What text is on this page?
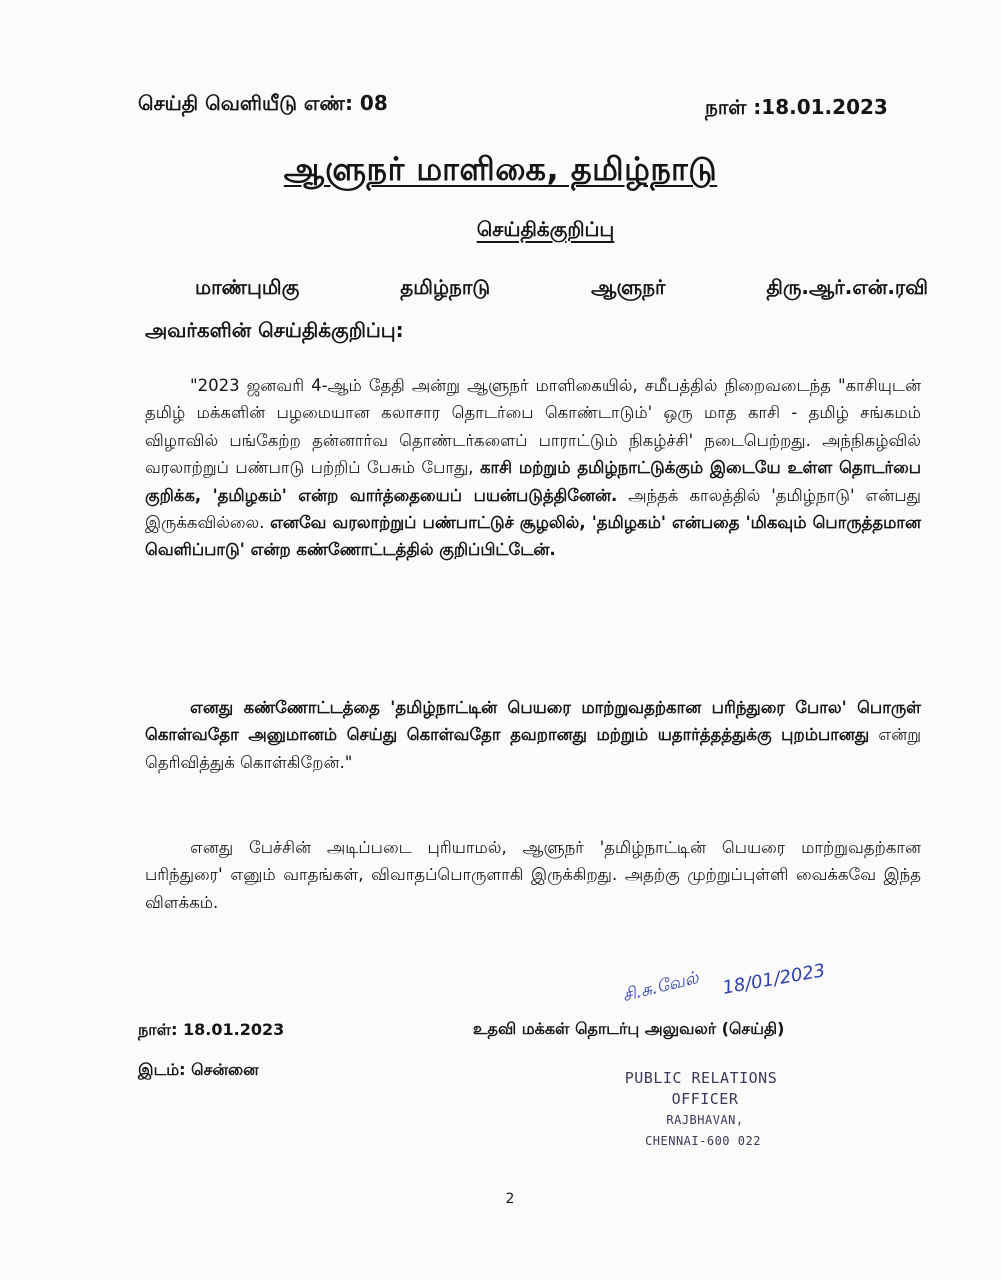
செய்தி வெளியீடு எண்: 08	நாள் :18.01.2023
ஆளுநர் மாளிகை, தமிழ்நாடு
செய்திக்குறிப்பு
மாண்புமிகு	தமிழ்நாடு	ஆளுநர்	திரு.ஆர்.என்.ரவி
அவர்களின் செய்திக்குறிப்பு:

"2023 ஜனவரி 4-ஆம் தேதி அன்று ஆளுநர் மாளிகையில், சமீபத்தில் நிறைவடைந்த "காசியுடன் தமிழ் மக்களின் பழமையான கலாசார தொடர்பை கொண்டாடும்' ஒரு மாத காசி - தமிழ் சங்கமம் விழாவில் பங்கேற்ற தன்னார்வ தொண்டர்களைப் பாராட்டும் நிகழ்ச்சி' நடைபெற்றது. அந்நிகழ்வில் வரலாற்றுப் பண்பாடு பற்றிப் பேசும் போது, காசி மற்றும் தமிழ்நாட்டுக்கும் இடையே உள்ள தொடர்பை குறிக்க, 'தமிழகம்' என்ற வார்த்தையைப் பயன்படுத்தினேன். அந்தக் காலத்தில் 'தமிழ்நாடு' என்பது இருக்கவில்லை. எனவே வரலாற்றுப் பண்பாட்டுச் சூழலில், 'தமிழகம்' என்பதை 'மிகவும் பொருத்தமான வெளிப்பாடு' என்ற கண்ணோட்டத்தில் குறிப்பிட்டேன்.

எனது கண்ணோட்டத்தை 'தமிழ்நாட்டின் பெயரை மாற்றுவதற்கான பரிந்துரை போல' பொருள் கொள்வதோ அனுமானம் செய்து கொள்வதோ தவறானது மற்றும் யதார்த்தத்துக்கு புறம்பானது என்று தெரிவித்துக் கொள்கிறேன்."

எனது பேச்சின் அடிப்படை புரியாமல், ஆளுநர் 'தமிழ்நாட்டின் பெயரை மாற்றுவதற்கான பரிந்துரை' எனும் வாதங்கள், விவாதப்பொருளாகி இருக்கிறது. அதற்கு முற்றுப்புள்ளி வைக்கவே இந்த விளக்கம்.

சி.சு.வேல் 18/01/2023
நாள்: 18.01.2023
இடம்: சென்னை
உதவி மக்கள் தொடர்பு அலுவலர் (செய்தி)
PUBLIC RELATIONS
OFFICER
RAJBHAVAN,
CHENNAI-600 022
2
